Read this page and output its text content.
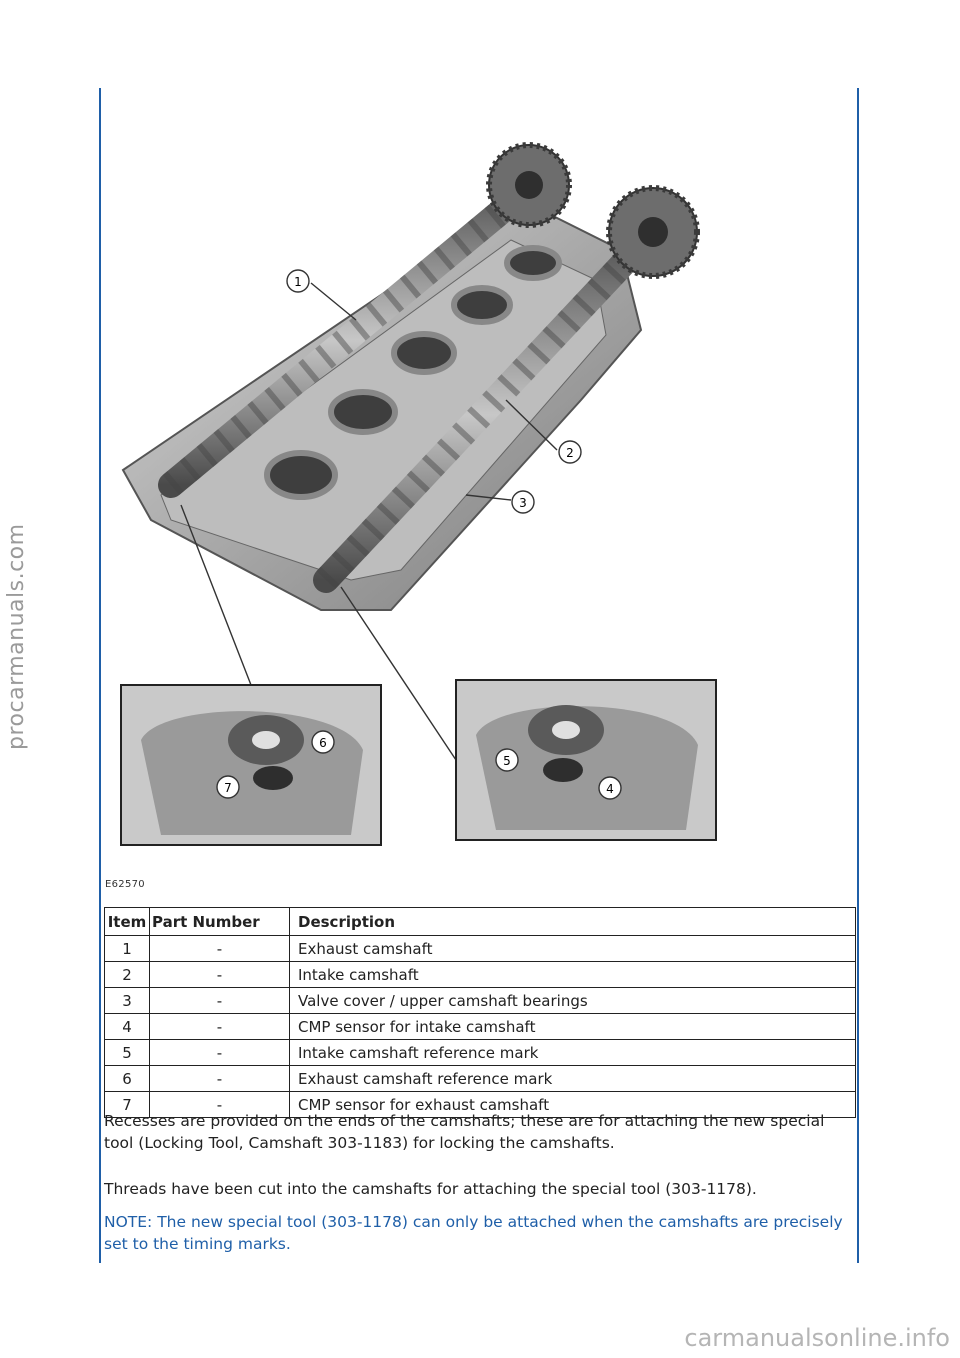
procarmanuals.com
1
2
3
4
5
6
7
E62570
Item	Part Number	Description
1	-	Exhaust camshaft
2	-	Intake camshaft
3	-	Valve cover / upper camshaft bearings
4	-	CMP sensor for intake camshaft
5	-	Intake camshaft reference mark
6	-	Exhaust camshaft reference mark
7	-	CMP sensor for exhaust camshaft

Recesses are provided on the ends of the camshafts; these are for attaching the new special tool (Locking Tool, Camshaft 303-1183) for locking the camshafts.

Threads have been cut into the camshafts for attaching the special tool (303-1178).

NOTE: The new special tool (303-1178) can only be attached when the camshafts are precisely set to the timing marks.

carmanualsonline.info
